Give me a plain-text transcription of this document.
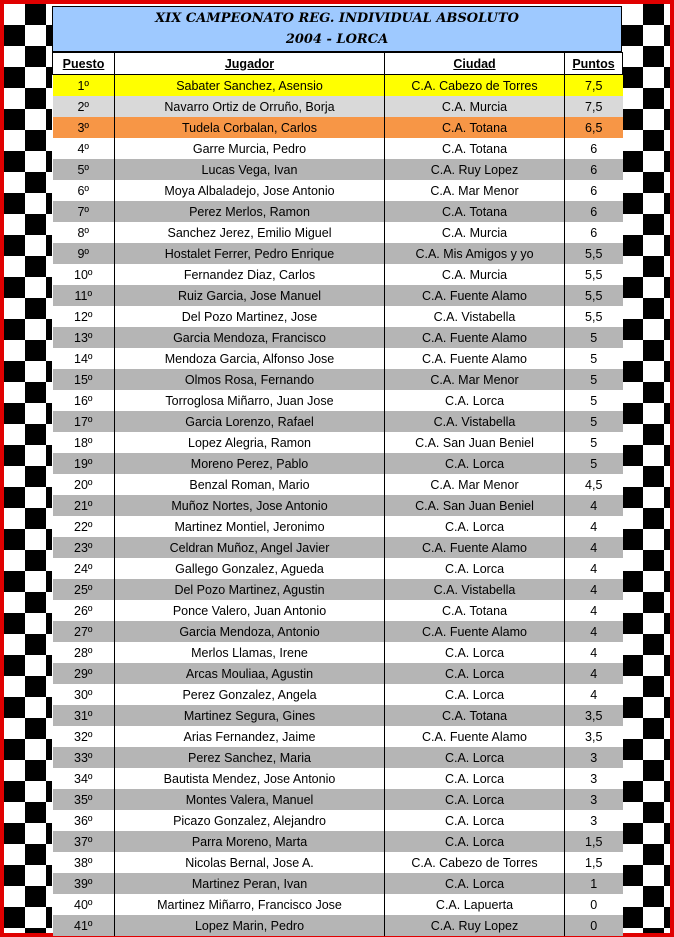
XIX CAMPEONATO REG. INDIVIDUAL ABSOLUTO
2004 - LORCA
Puesto	Jugador	Ciudad	Puntos
1º	Sabater Sanchez, Asensio	C.A. Cabezo de Torres	7,5
2º	Navarro Ortiz de Orruño, Borja	C.A. Murcia	7,5
3º	Tudela Corbalan, Carlos	C.A. Totana	6,5
4º	Garre Murcia, Pedro	C.A. Totana	6
5º	Lucas Vega, Ivan	C.A. Ruy Lopez	6
6º	Moya Albaladejo, Jose Antonio	C.A. Mar Menor	6
7º	Perez Merlos, Ramon	C.A. Totana	6
8º	Sanchez Jerez, Emilio Miguel	C.A. Murcia	6
9º	Hostalet Ferrer, Pedro Enrique	C.A. Mis Amigos y yo	5,5
10º	Fernandez Diaz, Carlos	C.A. Murcia	5,5
11º	Ruiz Garcia, Jose Manuel	C.A. Fuente Alamo	5,5
12º	Del Pozo Martinez, Jose	C.A. Vistabella	5,5
13º	Garcia Mendoza, Francisco	C.A. Fuente Alamo	5
14º	Mendoza Garcia, Alfonso Jose	C.A. Fuente Alamo	5
15º	Olmos Rosa, Fernando	C.A. Mar Menor	5
16º	Torroglosa Miñarro, Juan Jose	C.A. Lorca	5
17º	Garcia Lorenzo, Rafael	C.A. Vistabella	5
18º	Lopez Alegria, Ramon	C.A. San Juan Beniel	5
19º	Moreno Perez, Pablo	C.A. Lorca	5
20º	Benzal Roman, Mario	C.A. Mar Menor	4,5
21º	Muñoz Nortes, Jose Antonio	C.A. San Juan Beniel	4
22º	Martinez Montiel, Jeronimo	C.A. Lorca	4
23º	Celdran Muñoz, Angel Javier	C.A. Fuente Alamo	4
24º	Gallego Gonzalez, Agueda	C.A. Lorca	4
25º	Del Pozo Martinez, Agustin	C.A. Vistabella	4
26º	Ponce Valero, Juan Antonio	C.A. Totana	4
27º	Garcia Mendoza, Antonio	C.A. Fuente Alamo	4
28º	Merlos Llamas, Irene	C.A. Lorca	4
29º	Arcas Mouliaa, Agustin	C.A. Lorca	4
30º	Perez Gonzalez, Angela	C.A. Lorca	4
31º	Martinez Segura, Gines	C.A. Totana	3,5
32º	Arias Fernandez, Jaime	C.A. Fuente Alamo	3,5
33º	Perez Sanchez, Maria	C.A. Lorca	3
34º	Bautista Mendez, Jose Antonio	C.A. Lorca	3
35º	Montes Valera, Manuel	C.A. Lorca	3
36º	Picazo Gonzalez, Alejandro	C.A. Lorca	3
37º	Parra Moreno, Marta	C.A. Lorca	1,5
38º	Nicolas Bernal, Jose A.	C.A. Cabezo de Torres	1,5
39º	Martinez Peran, Ivan	C.A. Lorca	1
40º	Martinez Miñarro, Francisco Jose	C.A. Lapuerta	0
41º	Lopez Marin, Pedro	C.A. Ruy Lopez	0
